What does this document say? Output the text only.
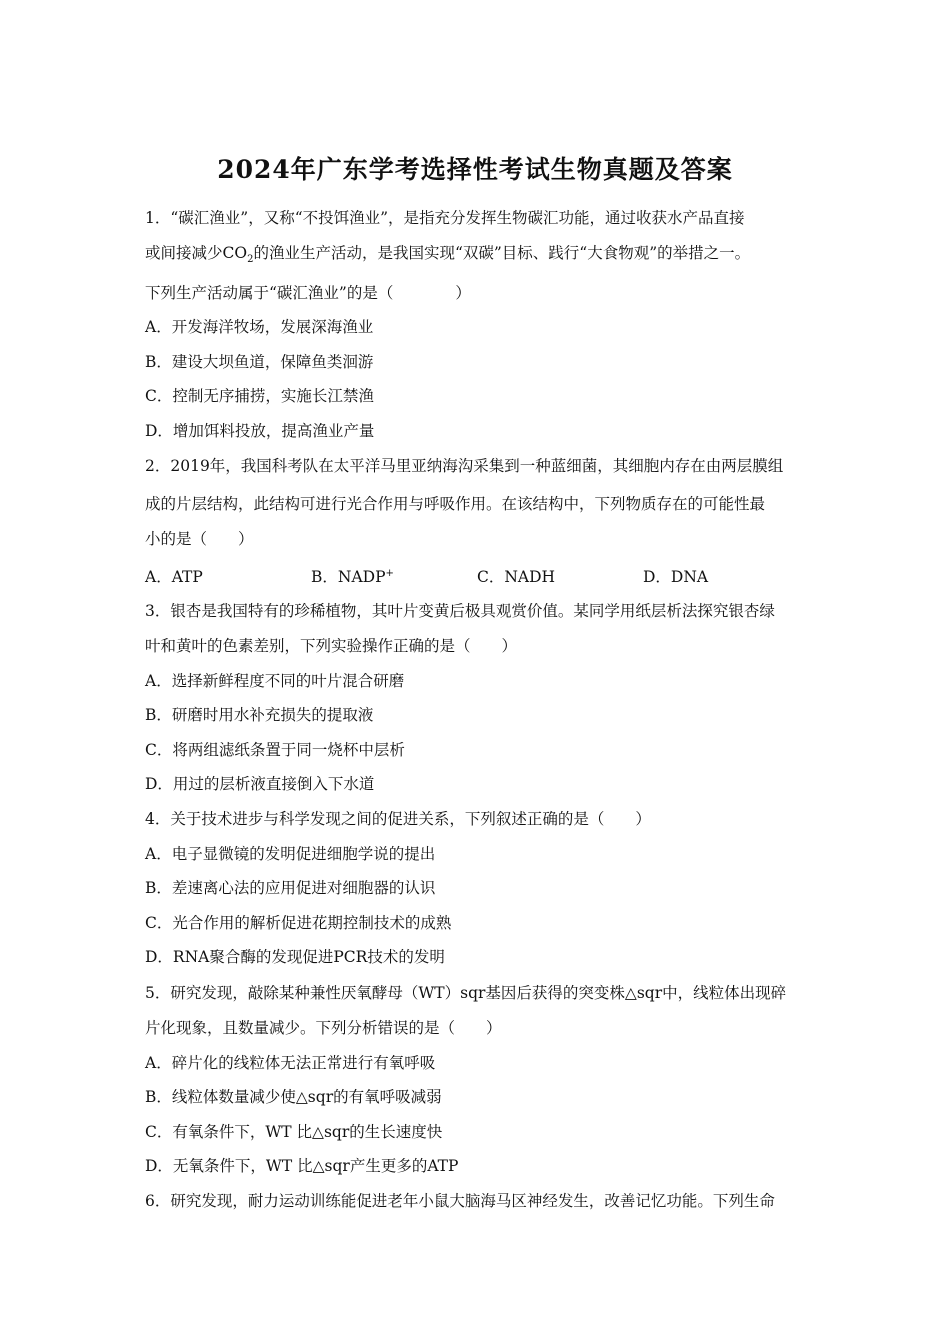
2024年广东学考选择性考试生物真题及答案
1．“碳汇渔业”，又称“不投饵渔业”，是指充分发挥生物碳汇功能，通过收获水产品直接
或间接减少$CO_2$的渔业生产活动，是我国实现“双碳”目标、践行“大食物观”的举措之一。
下列生产活动属于“碳汇渔业”的是（　　　　）
A．开发海洋牧场，发展深海渔业
B．建设大坝鱼道，保障鱼类洄游
C．控制无序捕捞，实施长江禁渔
D．增加饵料投放，提高渔业产量
2．2019年，我国科考队在太平洋马里亚纳海沟采集到一种蓝细菌，其细胞内存在由两层膜组
成的片层结构，此结构可进行光合作用与呼吸作用。在该结构中，下列物质存在的可能性最
小的是（　　）
A．ATP	B．NADP+	C．NADH	D．DNA
3．银杏是我国特有的珍稀植物，其叶片变黄后极具观赏价值。某同学用纸层析法探究银杏绿
叶和黄叶的色素差别，下列实验操作正确的是（　　）
A．选择新鲜程度不同的叶片混合研磨
B．研磨时用水补充损失的提取液
C．将两组滤纸条置于同一烧杯中层析
D．用过的层析液直接倒入下水道
4．关于技术进步与科学发现之间的促进关系，下列叙述正确的是（　　）
A．电子显微镜的发明促进细胞学说的提出
B．差速离心法的应用促进对细胞器的认识
C．光合作用的解析促进花期控制技术的成熟
D．RNA聚合酶的发现促进PCR技术的发明
5．研究发现，敲除某种兼性厌氧酵母（WT）sqr基因后获得的突变株△sqr中，线粒体出现碎
片化现象，且数量减少。下列分析错误的是（　　）
A．碎片化的线粒体无法正常进行有氧呼吸
B．线粒体数量减少使△sqr的有氧呼吸减弱
C．有氧条件下，WT 比△sqr的生长速度快
D．无氧条件下，WT 比△sqr产生更多的ATP
6．研究发现，耐力运动训练能促进老年小鼠大脑海马区神经发生，改善记忆功能。下列生命
